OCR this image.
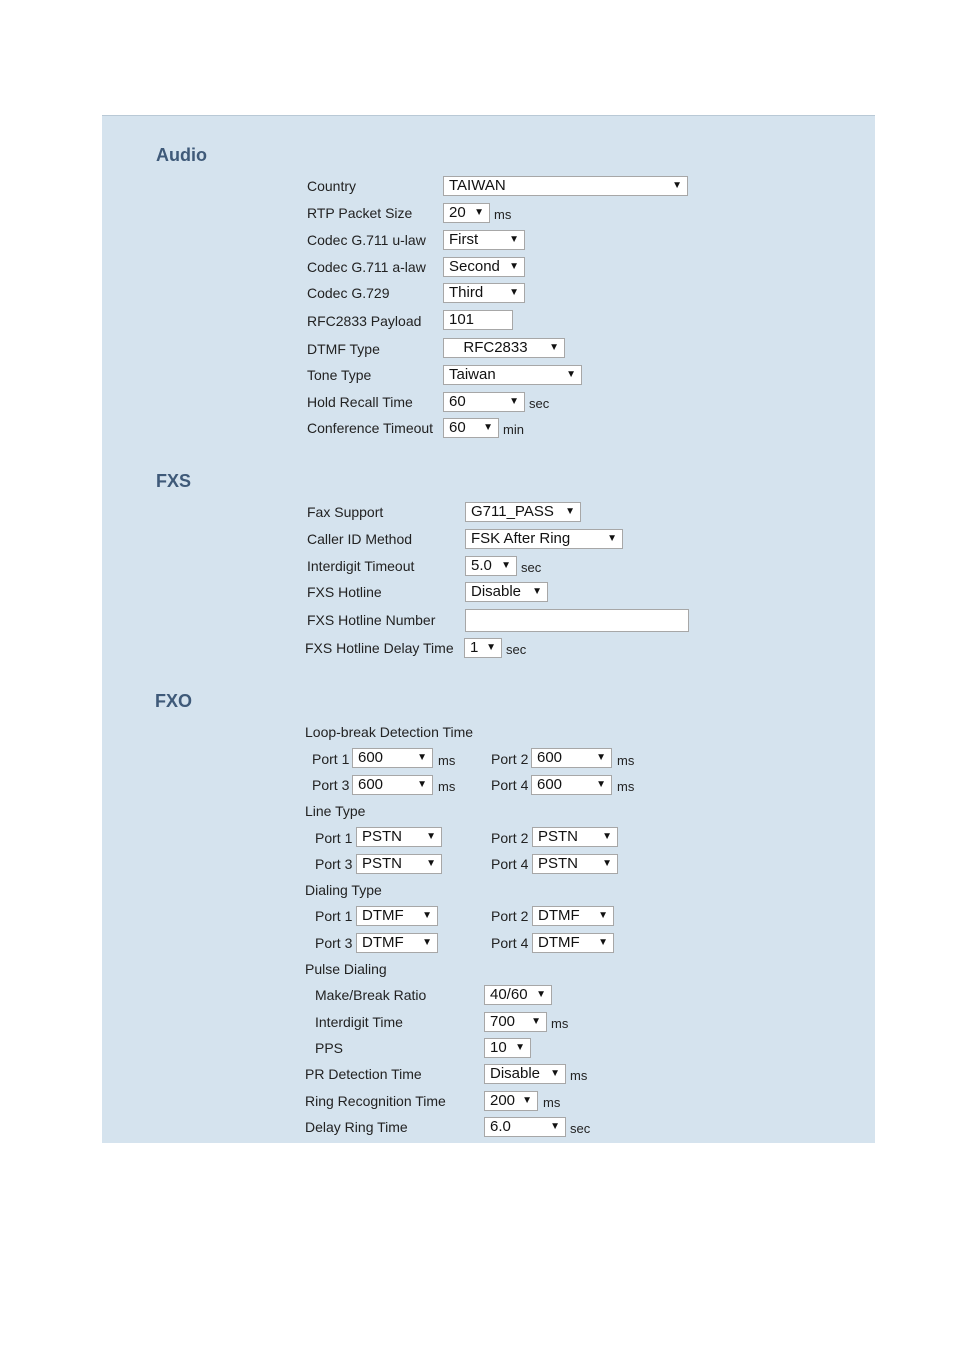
Audio
Country	TAIWAN	▼
RTP Packet Size	20 ▼ ms
Codec G.711 u-law	First	▼
Codec G.711 a-law	Second ▼
Codec G.729	Third	▼
RFC2833 Payload	101
DTMF Type	RFC2833	▼
Tone Type	Taiwan	▼
Hold Recall Time	60	▼ sec
Conference Timeout	60 ▼ min
FXS
Fax Support	G711_PASS ▼
Caller ID Method	FSK After Ring	▼
Interdigit Timeout	5.0 ▼ sec
FXS Hotline	Disable ▼
FXS Hotline Number
FXS Hotline Delay Time	1 ▼ sec
FXO
Loop-break Detection Time
Port 1 600	▼ ms	Port 2 600	▼ ms
Port 3 600	▼ ms	Port 4 600	▼ ms
Line Type
Port 1 PSTN ▼	Port 2 PSTN ▼
Port 3 PSTN ▼	Port 4 PSTN ▼
Dialing Type
Port 1 DTMF ▼	Port 2 DTMF ▼
Port 3 DTMF ▼	Port 4 DTMF ▼
Pulse Dialing
Make/Break Ratio	40/60 ▼
Interdigit Time	700 ▼ ms
PPS	10 ▼
PR Detection Time	Disable ▼ ms
Ring Recognition Time	200 ▼ ms
Delay Ring Time	6.0	▼ sec
